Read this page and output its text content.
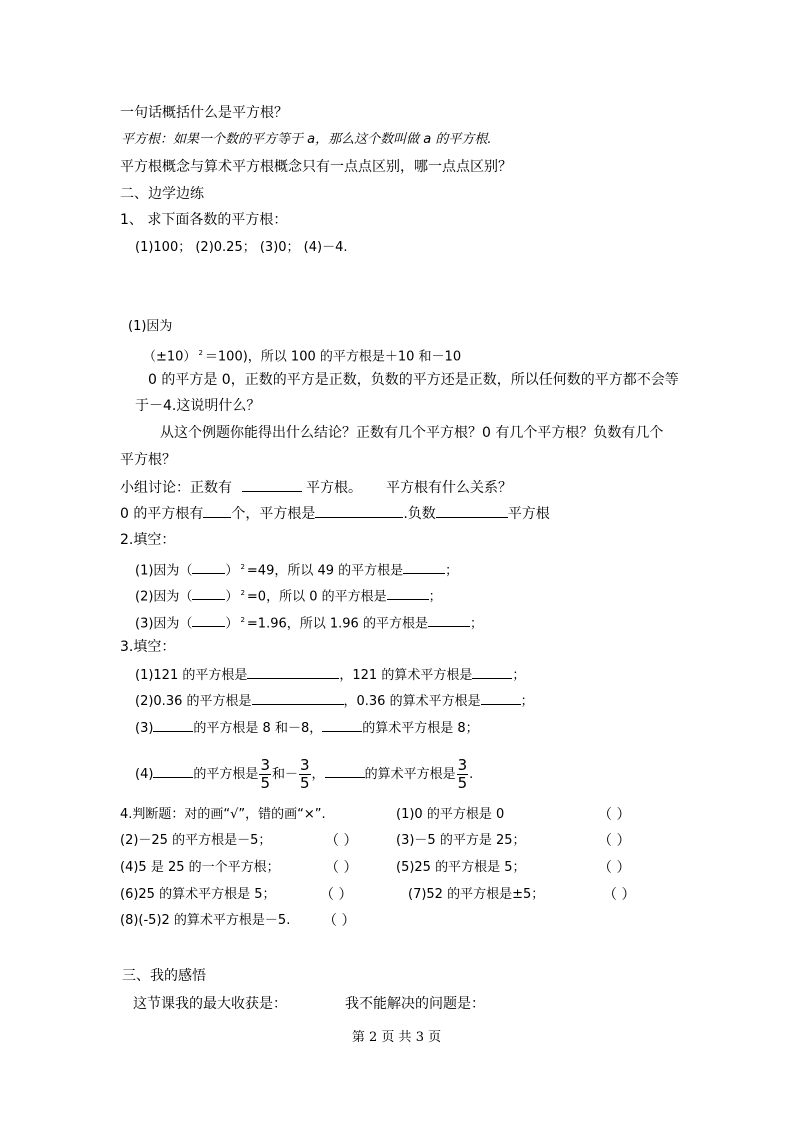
一句话概括什么是平方根？
平方根：如果一个数的平方等于 a，那么这个数叫做 a 的平方根.
平方根概念与算术平方根概念只有一点点区别，哪一点点区别？
二、边学边练
1、 求下面各数的平方根：
(1)100； (2)0.25； (3)0； (4)－4.
(1)因为
（±10） $^2$ ＝100)，所以 100 的平方根是＋10 和－10
0 的平方是 0，正数的平方是正数，负数的平方还是正数，所以任何数的平方都不会等
于－4.这说明什么？
从这个例题你能得出什么结论？正数有几个平方根？0 有几个平方根？负数有几个
平方根？
小组讨论：正数有	平方根。 平方根有什么关系？
0 的平方根有 个，平方根是	.负数	平方根
2.填空：
(1)因为（	） $^2$ =49，所以 49 的平方根是	；
(2)因为（	） $^2$ =0，所以 0 的平方根是	；
(3)因为（	） $^2$ =1.96，所以 1.96 的平方根是	；
3.填空：
(1)121 的平方根是	，121 的算术平方根是	；
(2)0.36 的平方根是	，0.36 的算术平方根是	；
(3)	的平方根是 8 和－8，	的算术平方根是 8；
(4)	的平方根是 $\frac{3}{5}$ 和－ $\frac{3}{5}$ ，	的算术平方根是 $\frac{3}{5}$ .
4.判断题：对的画“√”，错的画“×”.	(1)0 的平方根是 0	（ ）
(2)－25 的平方根是－5；	（ ）	(3)－5 的平方是 25；	（ ）
(4)5 是 25 的一个平方根；	（ ）	(5)25 的平方根是 5；	（ ）
(6)25 的算术平方根是 5；	（ ）	(7)52 的平方根是±5；	（ ）
(8)(-5)2 的算术平方根是－5. （ ）
三、我的感悟
这节课我的最大收获是：	我不能解决的问题是：
第 2 页 共 3 页
